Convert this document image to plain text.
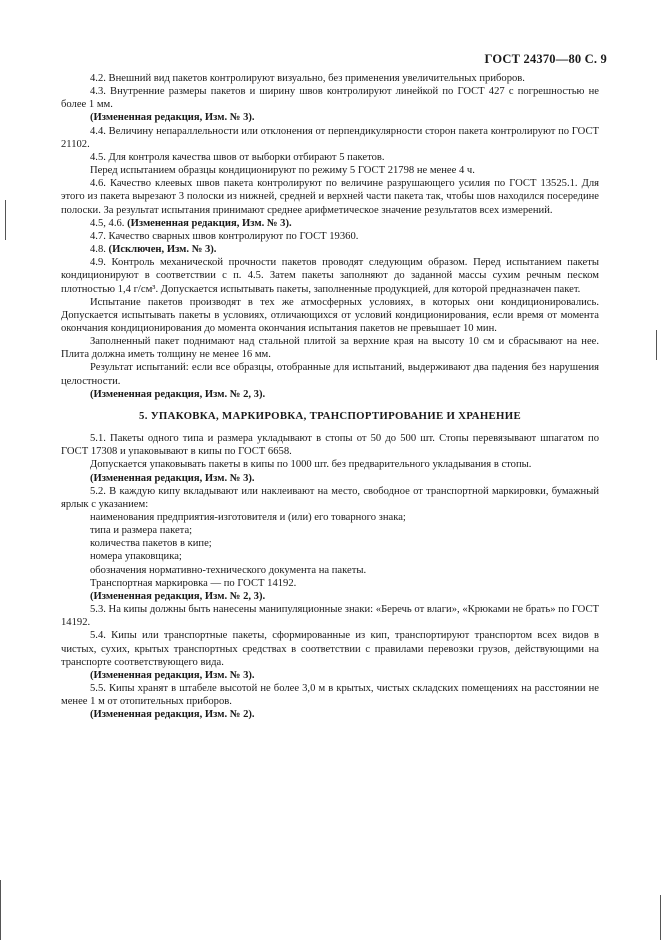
ГОСТ 24370—80 С. 9

4.2. Внешний вид пакетов контролируют визуально, без применения увеличительных приборов.

4.3. Внутренние размеры пакетов и ширину швов контролируют линейкой по ГОСТ 427 с погрешностью не более 1 мм.

(Измененная редакция, Изм. № 3).

4.4. Величину непараллельности или отклонения от перпендикулярности сторон пакета контролируют по ГОСТ 21102.

4.5. Для контроля качества швов от выборки отбирают 5 пакетов.

Перед испытанием образцы кондиционируют по режиму 5 ГОСТ 21798 не менее 4 ч.

4.6. Качество клеевых швов пакета контролируют по величине разрушающего усилия по ГОСТ 13525.1. Для этого из пакета вырезают 3 полоски из нижней, средней и верхней части пакета так, чтобы шов находился посередине полоски. За результат испытания принимают среднее арифметическое значение результатов всех измерений.

4.5, 4.6. (Измененная редакция, Изм. № 3).

4.7. Качество сварных швов контролируют по ГОСТ 19360.

4.8. (Исключен, Изм. № 3).

4.9. Контроль механической прочности пакетов проводят следующим образом. Перед испытанием пакеты кондиционируют в соответствии с п. 4.5. Затем пакеты заполняют до заданной массы сухим речным песком плотностью 1,4 г/см³. Допускается испытывать пакеты, заполненные продукцией, для которой предназначен пакет.

Испытание пакетов производят в тех же атмосферных условиях, в которых они кондиционировались. Допускается испытывать пакеты в условиях, отличающихся от условий кондиционирования, если время от момента окончания кондиционирования до момента окончания испытания пакетов не превышает 10 мин.

Заполненный пакет поднимают над стальной плитой за верхние края на высоту 10 см и сбрасывают на нее. Плита должна иметь толщину не менее 16 мм.

Результат испытаний: если все образцы, отобранные для испытаний, выдерживают два падения без нарушения целостности.

(Измененная редакция, Изм. № 2, 3).

5. УПАКОВКА, МАРКИРОВКА, ТРАНСПОРТИРОВАНИЕ И ХРАНЕНИЕ

5.1. Пакеты одного типа и размера укладывают в стопы от 50 до 500 шт. Стопы перевязывают шпагатом по ГОСТ 17308 и упаковывают в кипы по ГОСТ 6658.

Допускается упаковывать пакеты в кипы по 1000 шт. без предварительного укладывания в стопы.

(Измененная редакция, Изм. № 3).

5.2. В каждую кипу вкладывают или наклеивают на место, свободное от транспортной маркировки, бумажный ярлык с указанием:

наименования предприятия-изготовителя и (или) его товарного знака;

типа и размера пакета;

количества пакетов в кипе;

номера упаковщика;

обозначения нормативно-технического документа на пакеты.

Транспортная маркировка — по ГОСТ 14192.

(Измененная редакция, Изм. № 2, 3).

5.3. На кипы должны быть нанесены манипуляционные знаки: «Беречь от влаги», «Крюками не брать» по ГОСТ 14192.

5.4. Кипы или транспортные пакеты, сформированные из кип, транспортируют транспортом всех видов в чистых, сухих, крытых транспортных средствах в соответствии с правилами перевозки грузов, действующими на транспорте соответствующего вида.

(Измененная редакция, Изм. № 3).

5.5. Кипы хранят в штабеле высотой не более 3,0 м в крытых, чистых складских помещениях на расстоянии не менее 1 м от отопительных приборов.

(Измененная редакция, Изм. № 2).
